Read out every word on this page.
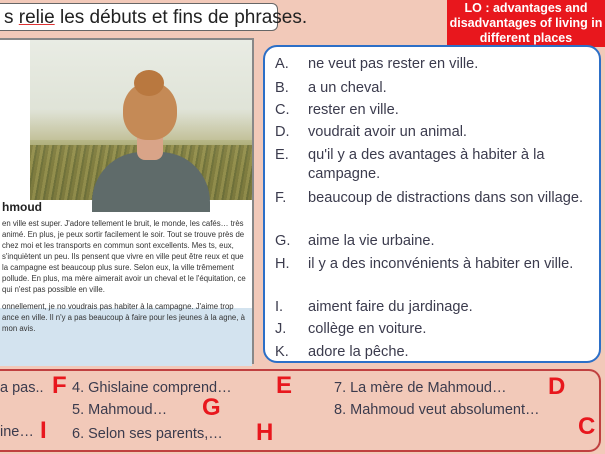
s relie les débuts et fins de phrases.	LO : advantages and disadvantages of living in different places
hmoud

en ville est super. J'adore tellement le bruit, le monde, les cafés… très animé. En plus, je peux sortir facilement le soir. Tout se trouve près de chez moi et les transports en commun sont excellents. Mes ts, eux, s'inquiètent un peu. Ils pensent que vivre en ville peut être reux et que la campagne est beaucoup plus sure. Selon eux, la ville trêmement pollude. En plus, ma mère aimerait avoir un cheval et le l'équitation, ce qui n'est pas possible en ville.

onnellement, je no voudrais pas habiter à la campagne. J'aime trop ance en ville. Il n'y a pas beaucoup à faire pour les jeunes à la agne, à mon avis.

A. ne veut pas rester en ville.
B. a un cheval.
C. rester en ville.
D. voudrait avoir un animal.
E. qu'il y a des avantages à habiter à la campagne.
F. beaucoup de distractions dans son village.
G. aime la vie urbaine.
H. il y a des inconvénients à habiter en ville.
I. aiment faire du jardinage.
J. collège en voiture.
K. adore la pêche.
a pas.. F
ine… I
4. Ghislaine comprend… E
5. Mahmoud… G
6. Selon ses parents,… H
7. La mère de Mahmoud… D
8. Mahmoud veut absolument…
C
